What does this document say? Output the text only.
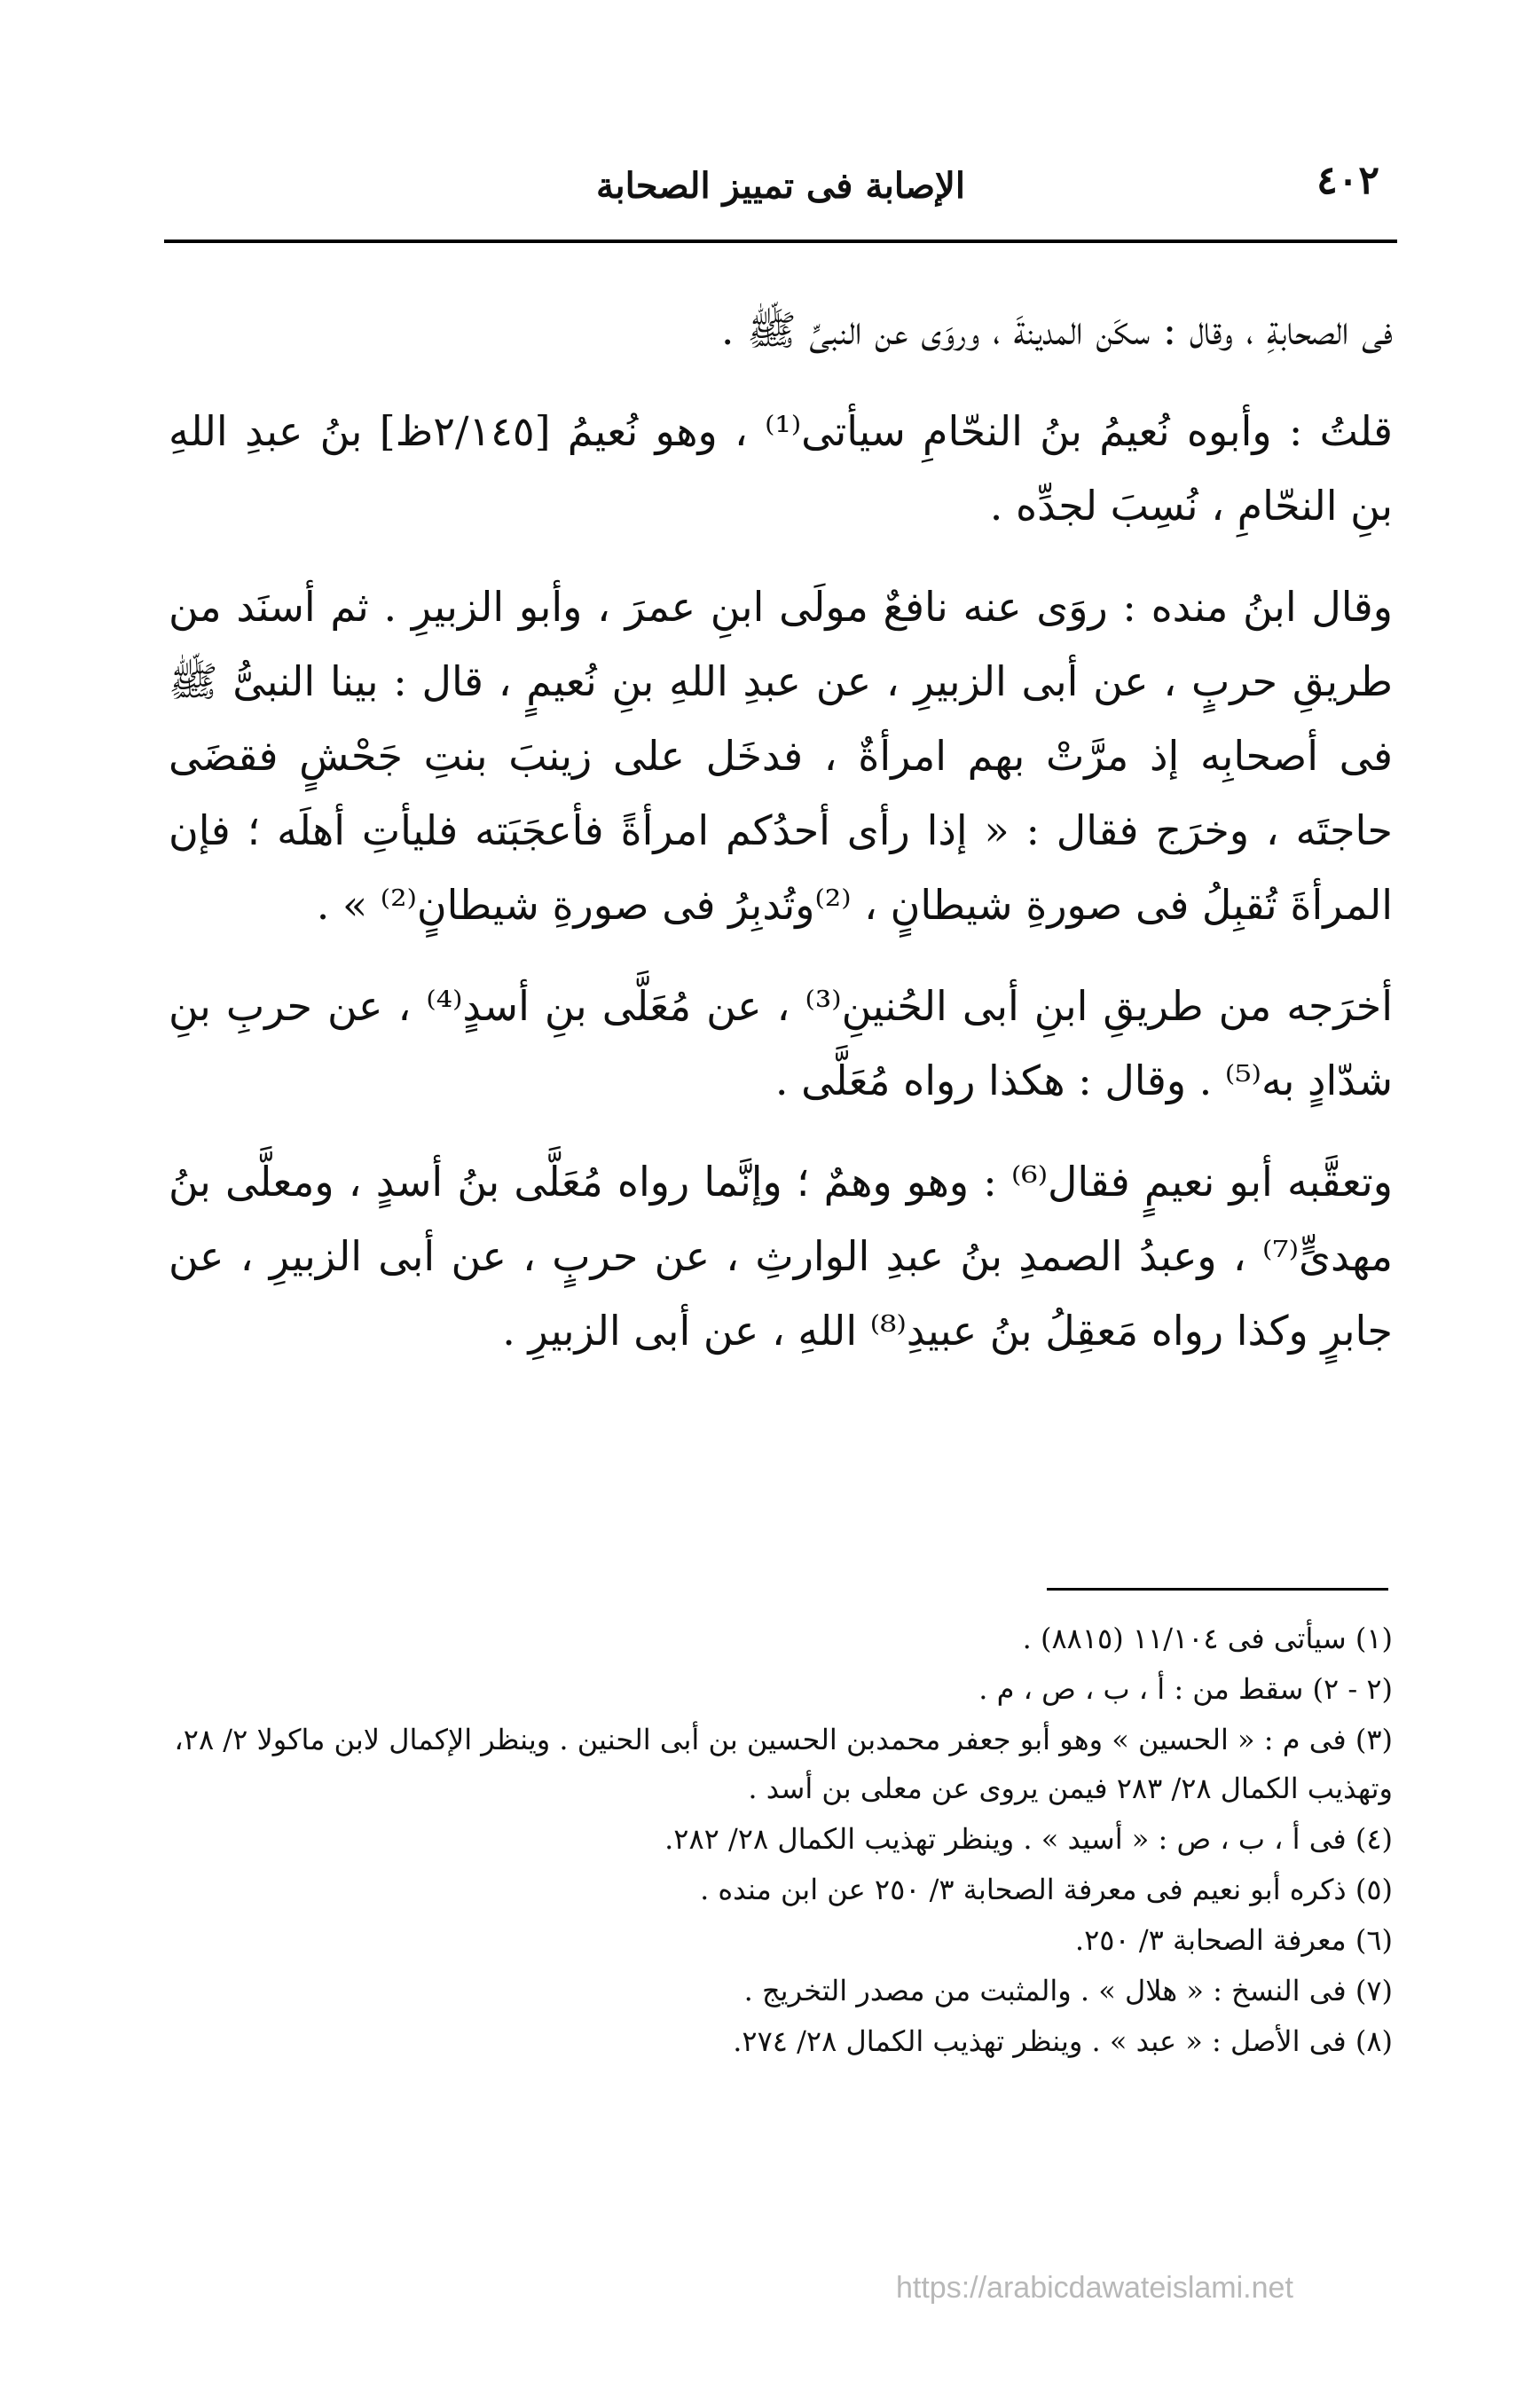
٤٠٢
الإصابة فى تمييز الصحابة

فى الصحابةِ ، وقال : سكَن المدينةَ ، وروَى عن النبىِّ ﷺ .

قلتُ : وأبوه نُعيمُ بنُ النحّامِ سيأتى⁽¹⁾ ، وهو نُعيمُ [٢/١٤٥ظ] بنُ عبدِ اللهِ بنِ النحّامِ ، نُسِبَ لجدِّه .

وقال ابنُ منده : روَى عنه نافعٌ مولَى ابنِ عمرَ ، وأبو الزبيرِ . ثم أسنَد من طريقِ حربٍ ، عن أبى الزبيرِ ، عن عبدِ اللهِ بنِ نُعيمٍ ، قال : بينا النبىُّ ﷺ فى أصحابِه إذ مرَّتْ بهم امرأةٌ ، فدخَل على زينبَ بنتِ جَحْشٍ فقضَى حاجتَه ، وخرَج فقال : « إذا رأى أحدُكم امرأةً فأعجَبَته فليأتِ أهلَه ؛ فإن المرأةَ تُقبِلُ فى صورةِ شيطانٍ ، ⁽²⁾وتُدبِرُ فى صورةِ شيطانٍ⁽²⁾ » .

أخرَجه من طريقِ ابنِ أبى الحُنينِ⁽³⁾ ، عن مُعَلَّى بنِ أسدٍ⁽⁴⁾ ، عن حربِ بنِ شدّادٍ به⁽⁵⁾ . وقال : هكذا رواه مُعَلَّى .

وتعقَّبه أبو نعيمٍ فقال⁽⁶⁾ : وهو وهمٌ ؛ وإنَّما رواه مُعَلَّى بنُ أسدٍ ، ومعلَّى بنُ مهدىٍّ⁽⁷⁾ ، وعبدُ الصمدِ بنُ عبدِ الوارثِ ، عن حربٍ ، عن أبى الزبيرِ ، عن جابرٍ وكذا رواه مَعقِلُ بنُ عبيدِ⁽⁸⁾ اللهِ ، عن أبى الزبيرِ .

(١) سيأتى فى ١١/١٠٤ (٨٨١٥) .
(٢ - ٢) سقط من : أ ، ب ، ص ، م .
(٣) فى م : « الحسين » وهو أبو جعفر محمدبن الحسين بن أبى الحنين . وينظر الإكمال لابن ماكولا ٢/ ٢٨، وتهذيب الكمال ٢٨/ ٢٨٣ فيمن يروى عن معلى بن أسد .
(٤) فى أ ، ب ، ص : « أسيد » . وينظر تهذيب الكمال ٢٨/ ٢٨٢.
(٥) ذكره أبو نعيم فى معرفة الصحابة ٣/ ٢٥٠ عن ابن منده .
(٦) معرفة الصحابة ٣/ ٢٥٠.
(٧) فى النسخ : « هلال » . والمثبت من مصدر التخريج .
(٨) فى الأصل : « عبد » . وينظر تهذيب الكمال ٢٨/ ٢٧٤.
https://arabicdawateislami.net
